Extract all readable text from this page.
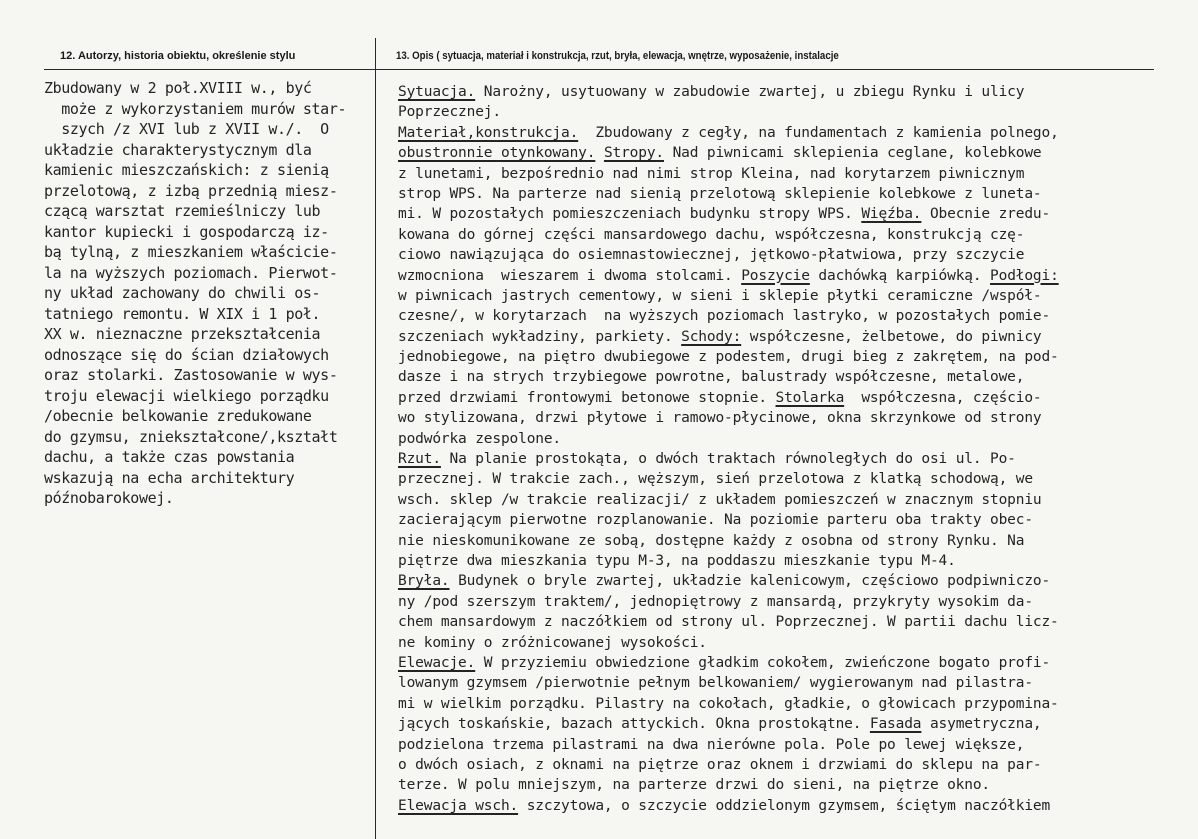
12. Autorzy, historia obiektu, określenie stylu	13. Opis ( sytuacja, materiał i konstrukcja, rzut, bryła, elewacja, wnętrze, wyposażenie, instalacje
Zbudowany w 2 poł.XVIII w., być
może z wykorzystaniem murów star-
szych /z XVI lub z XVII w./.  O
układzie charakterystycznym dla
kamienic mieszczańskich: z sienią
przelotową, z izbą przednią miesz-
czącą warsztat rzemieślniczy lub
kantor kupiecki i gospodarczą iz-
bą tylną, z mieszkaniem właściciе-
la na wyższych poziomach. Pierwot-
ny układ zachowany do chwili os-
tatniego remontu. W XIX i 1 poł.
XX w. nieznaczne przekształcenia
odnoszące się do ścian działowych
oraz stolarki. Zastosowanie w wys-
troju elewacji wielkiego porządku
/obecnie belkowanie zredukowane
do gzymsu, zniekształcone/,kształt
dachu, a także czas powstania
wskazują na echa architektury
późnobarokowej.
Sytuacja. Narożny, usytuowany w zabudowie zwartej, u zbiegu Rynku i ulicy
Poprzecznej.
Materiał,konstrukcja.  Zbudowany z cegły, na fundamentach z kamienia polnego,
obustronnie otynkowany. Stropy. Nad piwnicami sklepienia ceglane, kolebkowe
z lunetami, bezpośrednio nad nimi strop Kleina, nad korytarzem piwnicznym
strop WPS. Na parterze nad sienią przelotową sklepienie kolebkowe z luneta-
mi. W pozostałych pomieszczeniach budynku stropy WPS. Więźba. Obecnie zredu-
kowana do górnej części mansardowego dachu, współczesna, konstrukcją czę-
ciowo nawiązująca do osiemnastowiecznej, jętkowo-płatwiowa, przy szczycie
wzmocniona  wieszarem i dwoma stolcami. Poszycie dachówką karpiówką. Podłogi:
w piwnicach jastrych cementowy, w sieni i sklepie płytki ceramiczne /współ-
czesne/, w korytarzach  na wyższych poziomach lastryko, w pozostałych pomie-
szczeniach wykładziny, parkiety. Schody: współczesne, żelbetowe, do piwnicy
jednobiegowe, na piętro dwubiegowe z podestem, drugi bieg z zakrętem, na pod-
dasze i na strych trzybiegowe powrotne, balustrady współczesne, metalowe,
przed drzwiami frontowymi betonowe stopnie. Stolarka  współczesna, częścio-
wo stylizowana, drzwi płytowe i ramowo-płycinowe, okna skrzynkowe od strony
podwórka zespolone.
Rzut. Na planie prostokąta, o dwóch traktach równoległych do osi ul. Po-
przecznej. W trakcie zach., węższym, sień przelotowa z klatką schodową, we
wsch. sklep /w trakcie realizacji/ z układem pomieszczeń w znacznym stopniu
zacierającym pierwotne rozplanowanie. Na poziomie parteru oba trakty obec-
nie nieskomunikowane ze sobą, dostępne każdy z osobna od strony Rynku. Na
piętrze dwa mieszkania typu M-3, na poddaszu mieszkanie typu M-4.
Bryła. Budynek o bryle zwartej, układzie kalenicowym, częściowo podpiwniczo-
ny /pod szerszym traktem/, jednopiętrowy z mansardą, przykryty wysokim da-
chem mansardowym z naczółkiem od strony ul. Poprzecznej. W partii dachu licz-
ne kominy o zróżnicowanej wysokości.
Elewacje. W przyziemiu obwiedzione gładkim cokołem, zwieńczone bogato profi-
lowanym gzymsem /pierwotnie pełnym belkowaniem/ wygierowanym nad pilastra-
mi w wielkim porządku. Pilastry na cokołach, gładkie, o głowicach przypomina-
jących toskańskie, bazach attyckich. Okna prostokątne. Fasada asymetryczna,
podzielona trzema pilastrami na dwa nierówne pola. Pole po lewej większe,
o dwóch osiach, z oknami na piętrze oraz oknem i drzwiami do sklepu na par-
terze. W polu mniejszym, na parterze drzwi do sieni, na piętrze okno.
Elewacja wsch. szczytowa, o szczycie oddzielonym gzymsem, ściętym naczółkiem
